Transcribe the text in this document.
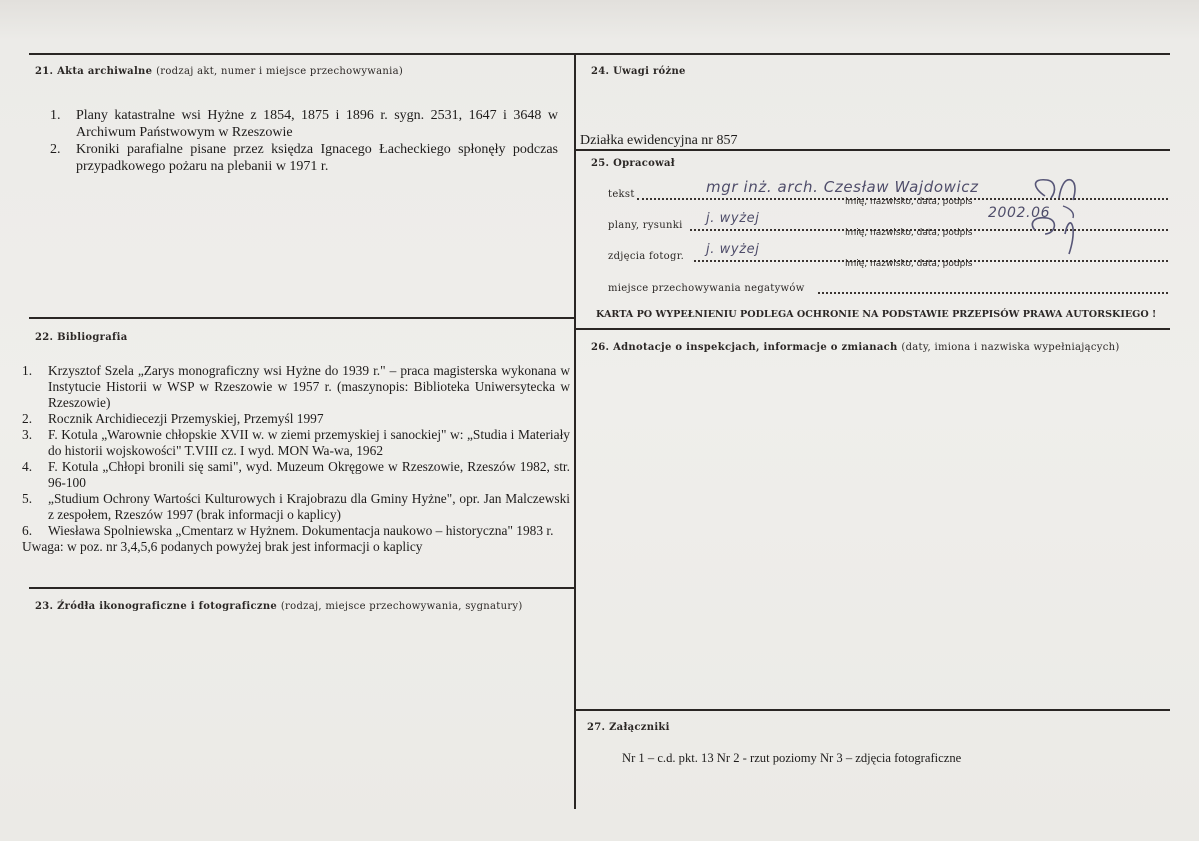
21. Akta archiwalne (rodzaj akt, numer i miejsce przechowywania)
1. Plany katastralne wsi Hyżne z 1854, 1875 i 1896 r. sygn. 2531, 1647 i 3648 w Archiwum Państwowym w Rzeszowie
2. Kroniki parafialne pisane przez księdza Ignacego Łacheckiego spłonęły podczas przypadkowego pożaru na plebanii w 1971 r.
22. Bibliografia
1. Krzysztof Szela „Zarys monograficzny wsi Hyżne do 1939 r." – praca magisterska wykonana w Instytucie Historii w WSP w Rzeszowie w 1957 r. (maszynopis: Biblioteka Uniwersytecka w Rzeszowie)
2. Rocznik Archidiecezji Przemyskiej, Przemyśl 1997
3. F. Kotula „Warownie chłopskie XVII w. w ziemi przemyskiej i sanockiej" w: „Studia i Materiały do historii wojskowości" T.VIII cz. I wyd. MON Wa-wa, 1962
4. F. Kotula „Chłopi bronili się sami", wyd. Muzeum Okręgowe w Rzeszowie, Rzeszów 1982, str. 96-100
5. „Studium Ochrony Wartości Kulturowych i Krajobrazu dla Gminy Hyżne", opr. Jan Malczewski z zespołem, Rzeszów 1997 (brak informacji o kaplicy)
6. Wiesława Spolniewska „Cmentarz w Hyżnem. Dokumentacja naukowo – historyczna" 1983 r.
Uwaga: w poz. nr 3,4,5,6 podanych powyżej brak jest informacji o kaplicy
23. Źródła ikonograficzne i fotograficzne (rodzaj, miejsce przechowywania, sygnatury)
24. Uwagi różne
Działka ewidencyjna nr 857
25. Opracował
tekst	mgr inż. arch. Czesław Wajdowicz
imię, nazwisko, data, podpis
plany, rysunki j. wyżej
imię, nazwisko, data, podpis
2002.06
zdjęcia fotogr. j. wyżej
imię, nazwisko, data, podpis
miejsce przechowywania negatywów
KARTA PO WYPEŁNIENIU PODLEGA OCHRONIE NA PODSTAWIE PRZEPISÓW PRAWA AUTORSKIEGO !
26. Adnotacje o inspekcjach, informacje o zmianach (daty, imiona i nazwiska wypełniających)
27. Załączniki
Nr 1 – c.d. pkt. 13 Nr 2 - rzut poziomy Nr 3 – zdjęcia fotograficzne
